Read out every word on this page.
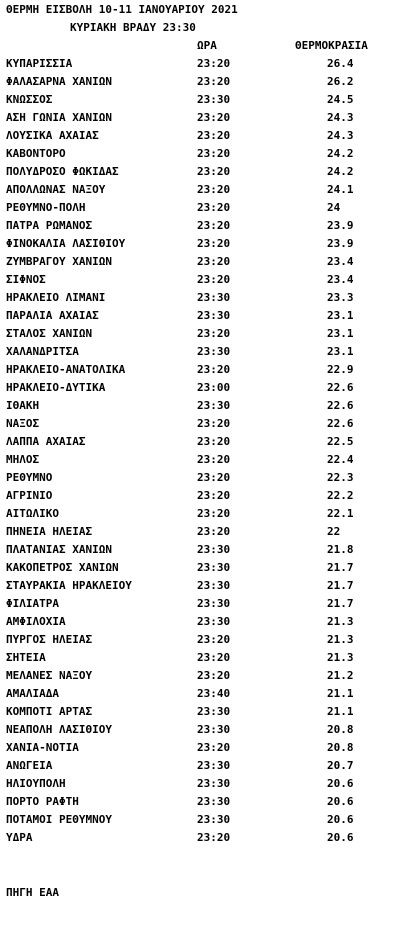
ΘΕΡΜΗ ΕΙΣΒΟΛΗ 10-11 ΙΑΝΟΥΑΡΙΟΥ 2021
ΚΥΡΙΑΚΗ ΒΡΑΔΥ 23:30
ΩΡΑ	ΘΕΡΜΟΚΡΑΣΙΑ
ΚΥΠΑΡΙΣΣΙΑ	23:20	26.4
ΦΑΛΑΣΑΡΝΑ ΧΑΝΙΩΝ	23:20	26.2
ΚΝΩΣΣΟΣ	23:30	24.5
ΑΣΗ ΓΩΝΙΑ ΧΑΝΙΩΝ	23:20	24.3
ΛΟΥΣΙΚΑ ΑΧΑΙΑΣ	23:20	24.3
ΚΑΒΟΝΤΟΡΟ	23:20	24.2
ΠΟΛΥΔΡΟΣΟ ΦΩΚΙΔΑΣ	23:20	24.2
ΑΠΟΛΛΩΝΑΣ ΝΑΞΟΥ	23:20	24.1
ΡΕΘΥΜΝΟ-ΠΟΛΗ	23:20	24
ΠΑΤΡΑ ΡΩΜΑΝΟΣ	23:20	23.9
ΦΙΝΟΚΑΛΙΑ ΛΑΣΙΘΙΟΥ	23:20	23.9
ΖΥΜΒΡΑΓΟΥ ΧΑΝΙΩΝ	23:20	23.4
ΣΙΦΝΟΣ	23:20	23.4
ΗΡΑΚΛΕΙΟ ΛΙΜΑΝΙ	23:30	23.3
ΠΑΡΑΛΙΑ ΑΧΑΙΑΣ	23:30	23.1
ΣΤΑΛΟΣ ΧΑΝΙΩΝ	23:20	23.1
ΧΑΛΑΝΔΡΙΤΣΑ	23:30	23.1
ΗΡΑΚΛΕΙΟ-ΑΝΑΤΟΛΙΚΑ	23:20	22.9
ΗΡΑΚΛΕΙΟ-ΔΥΤΙΚΑ	23:00	22.6
ΙΘΑΚΗ	23:30	22.6
ΝΑΞΟΣ	23:20	22.6
ΛΑΠΠΑ ΑΧΑΙΑΣ	23:20	22.5
ΜΗΛΟΣ	23:20	22.4
ΡΕΘΥΜΝΟ	23:20	22.3
ΑΓΡΙΝΙΟ	23:20	22.2
ΑΙΤΩΛΙΚΟ	23:20	22.1
ΠΗΝΕΙΑ ΗΛΕΙΑΣ	23:20	22
ΠΛΑΤΑΝΙΑΣ ΧΑΝΙΩΝ	23:30	21.8
ΚΑΚΟΠΕΤΡΟΣ ΧΑΝΙΩΝ	23:30	21.7
ΣΤΑΥΡΑΚΙΑ ΗΡΑΚΛΕΙΟΥ	23:30	21.7
ΦΙΛΙΑΤΡΑ	23:30	21.7
ΑΜΦΙΛΟΧΙΑ	23:30	21.3
ΠΥΡΓΟΣ ΗΛΕΙΑΣ	23:20	21.3
ΣΗΤΕΙΑ	23:20	21.3
ΜΕΛΑΝΕΣ ΝΑΞΟΥ	23:20	21.2
ΑΜΑΛΙΑΔΑ	23:40	21.1
ΚΟΜΠΟΤΙ ΑΡΤΑΣ	23:30	21.1
ΝΕΑΠΟΛΗ ΛΑΣΙΘΙΟΥ	23:30	20.8
ΧΑΝΙΑ-ΝΟΤΙΑ	23:20	20.8
ΑΝΩΓΕΙΑ	23:30	20.7
ΗΛΙΟΥΠΟΛΗ	23:30	20.6
ΠΟΡΤΟ ΡΑΦΤΗ	23:30	20.6
ΠΟΤΑΜΟΙ ΡΕΘΥΜΝΟΥ	23:30	20.6
ΥΔΡΑ	23:20	20.6
ΠΗΓΗ ΕΑΑ
